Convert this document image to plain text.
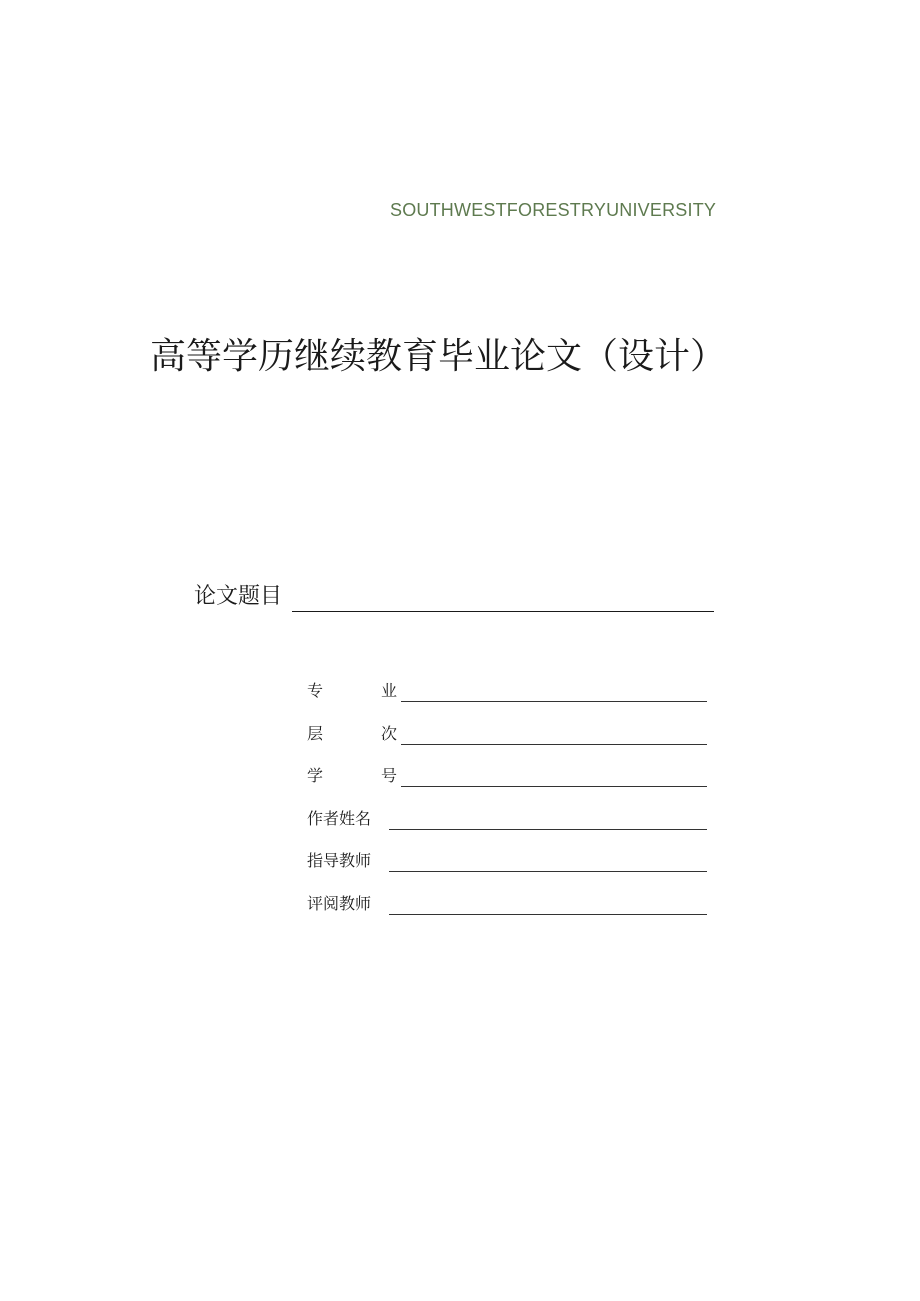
SOUTHWESTFORESTRYUNIVERSITY
高等学历继续教育毕业论文（设计）
论文题目
专	业
层	次
学	号
作者姓名
指导教师
评阅教师
